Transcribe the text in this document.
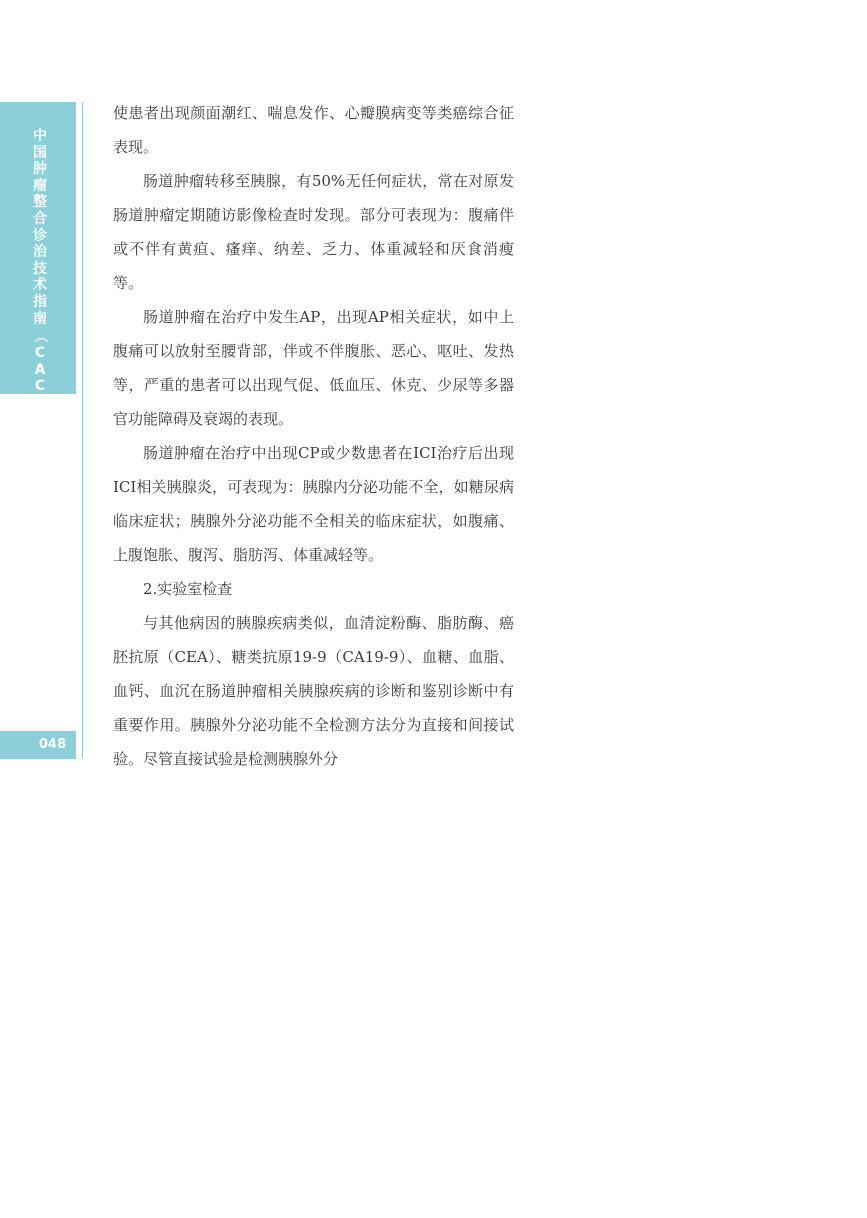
中国肿瘤整合诊治技术指南
（
CACA
）
048

使患者出现颜面潮红、喘息发作、心瓣膜病变等类癌综合征表现。

肠道肿瘤转移至胰腺，有50%无任何症状，常在对原发肠道肿瘤定期随访影像检查时发现。部分可表现为：腹痛伴或不伴有黄疸、瘙痒、纳差、乏力、体重减轻和厌食消瘦等。

肠道肿瘤在治疗中发生AP，出现AP相关症状，如中上腹痛可以放射至腰背部，伴或不伴腹胀、恶心、呕吐、发热等，严重的患者可以出现气促、低血压、休克、少尿等多器官功能障碍及衰竭的表现。

肠道肿瘤在治疗中出现CP或少数患者在ICI治疗后出现ICI相关胰腺炎，可表现为：胰腺内分泌功能不全，如糖尿病临床症状；胰腺外分泌功能不全相关的临床症状，如腹痛、上腹饱胀、腹泻、脂肪泻、体重减轻等。

2.实验室检查

与其他病因的胰腺疾病类似，血清淀粉酶、脂肪酶、癌胚抗原（CEA）、糖类抗原19-9（CA19-9）、血糖、血脂、血钙、血沉在肠道肿瘤相关胰腺疾病的诊断和鉴别诊断中有重要作用。胰腺外分泌功能不全检测方法分为直接和间接试验。尽管直接试验是检测胰腺外分
